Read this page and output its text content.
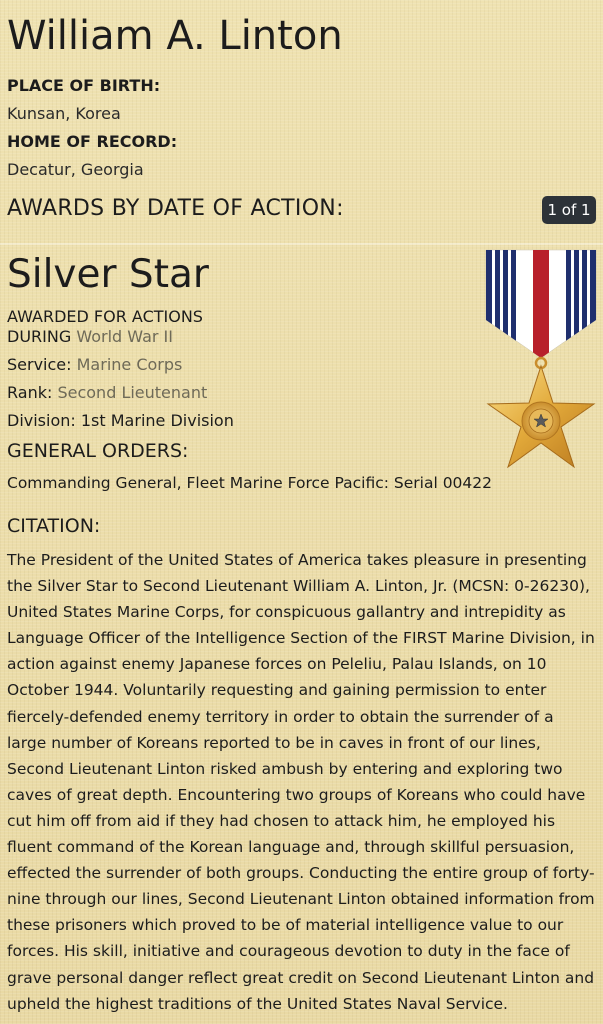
William A. Linton
PLACE OF BIRTH:
Kunsan, Korea
HOME OF RECORD:
Decatur, Georgia
AWARDS BY DATE OF ACTION:	1 of 1
Silver Star
AWARDED FOR ACTIONS
DURING World War II
Service: Marine Corps
Rank: Second Lieutenant
Division: 1st Marine Division
GENERAL ORDERS:
Commanding General, Fleet Marine Force Pacific: Serial 00422
CITATION:
The President of the United States of America takes pleasure in presenting the Silver Star to Second Lieutenant William A. Linton, Jr. (MCSN: 0-26230), United States Marine Corps, for conspicuous gallantry and intrepidity as Language Officer of the Intelligence Section of the FIRST Marine Division, in action against enemy Japanese forces on Peleliu, Palau Islands, on 10 October 1944. Voluntarily requesting and gaining permission to enter fiercely-defended enemy territory in order to obtain the surrender of a large number of Koreans reported to be in caves in front of our lines, Second Lieutenant Linton risked ambush by entering and exploring two caves of great depth. Encountering two groups of Koreans who could have cut him off from aid if they had chosen to attack him, he employed his fluent command of the Korean language and, through skillful persuasion, effected the surrender of both groups. Conducting the entire group of forty-nine through our lines, Second Lieutenant Linton obtained information from these prisoners which proved to be of material intelligence value to our forces. His skill, initiative and courageous devotion to duty in the face of grave personal danger reflect great credit on Second Lieutenant Linton and upheld the highest traditions of the United States Naval Service.
